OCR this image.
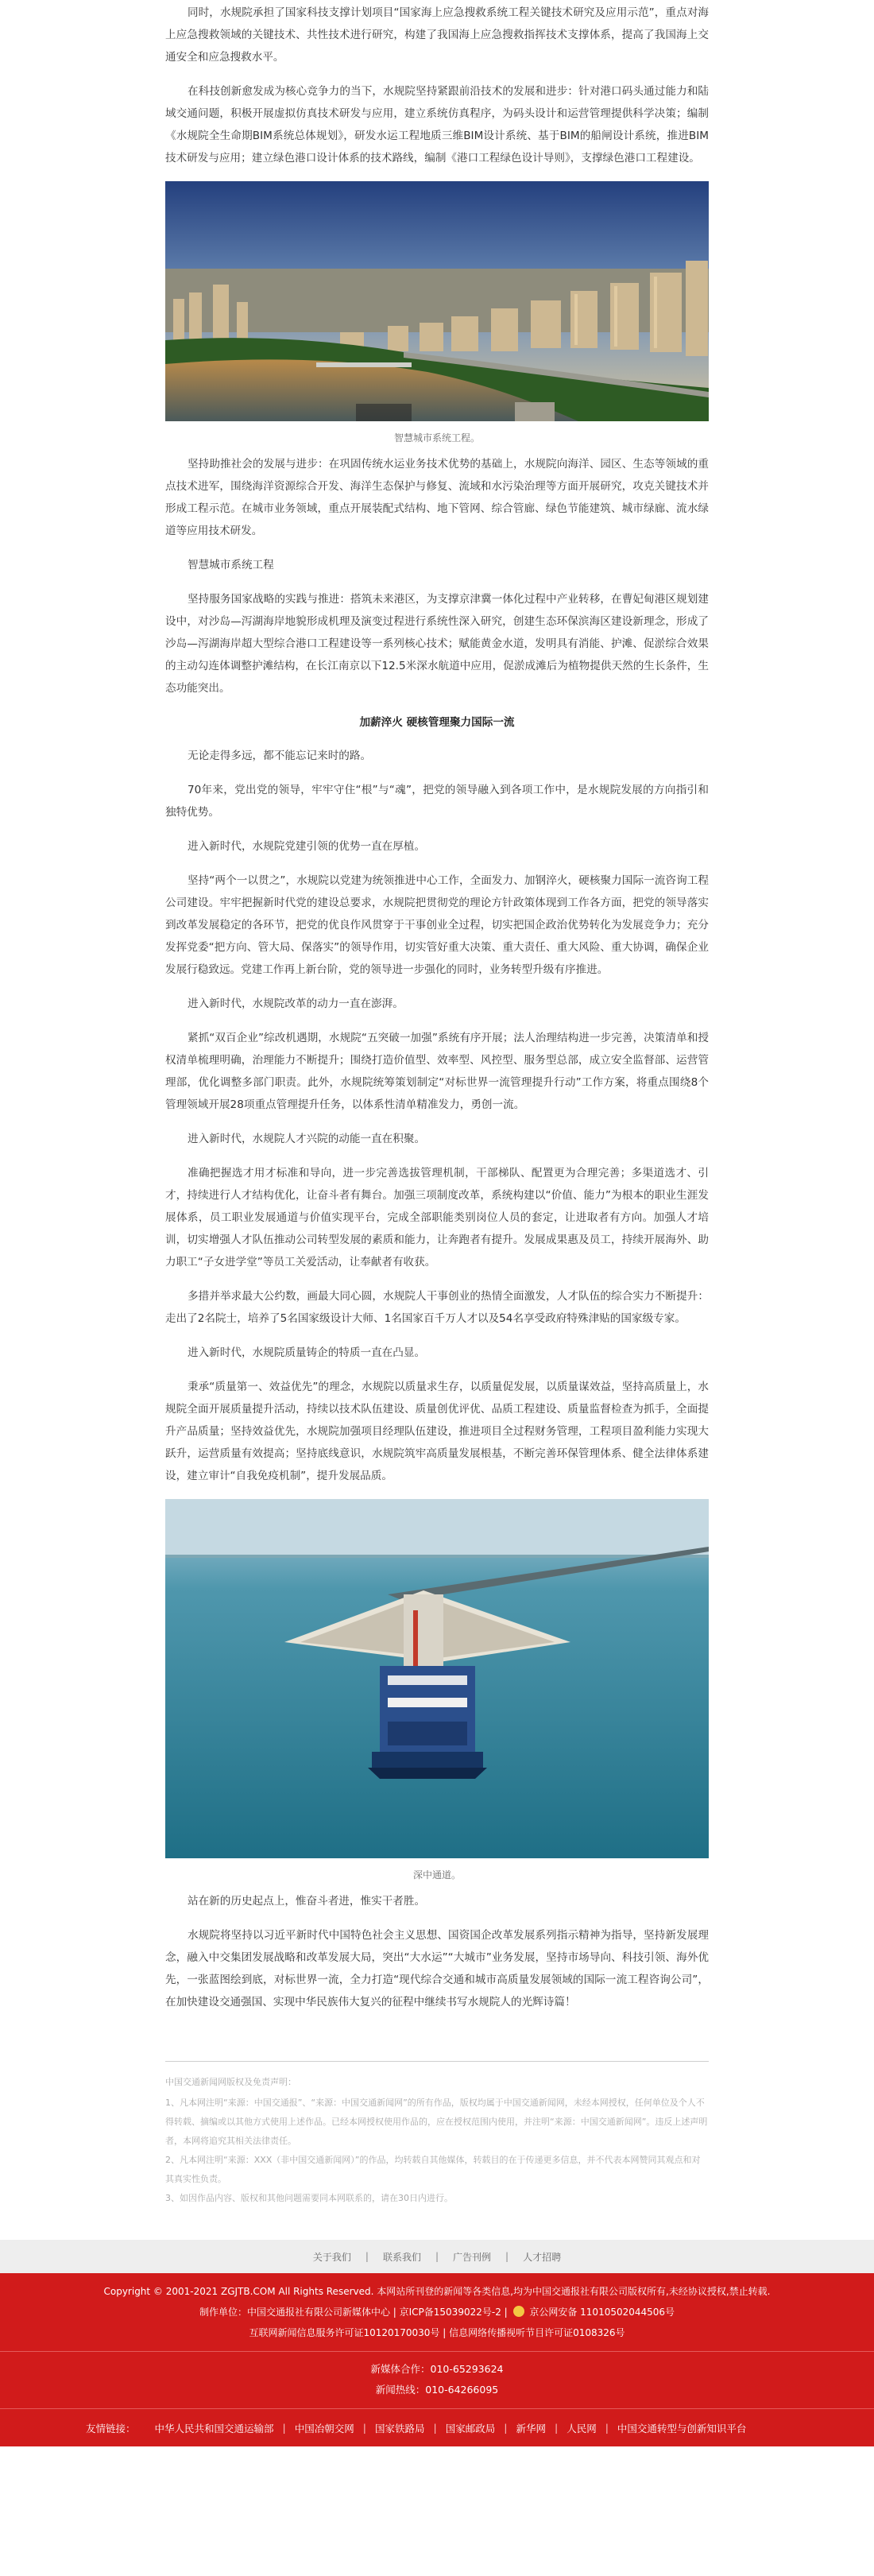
同时，水规院承担了国家科技支撑计划项目“国家海上应急搜救系统工程关键技术研究及应用示范”，重点对海上应急搜救领域的关键技术、共性技术进行研究，构建了我国海上应急搜救指挥技术支撑体系，提高了我国海上交通安全和应急搜救水平。

在科技创新愈发成为核心竞争力的当下，水规院坚持紧跟前沿技术的发展和进步：针对港口码头通过能力和陆域交通问题，积极开展虚拟仿真技术研发与应用，建立系统仿真程序，为码头设计和运营管理提供科学决策；编制《水规院全生命期BIM系统总体规划》，研发水运工程地质三维BIM设计系统、基于BIM的船闸设计系统，推进BIM技术研发与应用；建立绿色港口设计体系的技术路线，编制《港口工程绿色设计导则》，支撑绿色港口工程建设。

智慧城市系统工程。

坚持助推社会的发展与进步：在巩固传统水运业务技术优势的基础上，水规院向海洋、园区、生态等领域的重点技术进军，围绕海洋资源综合开发、海洋生态保护与修复、流域和水污染治理等方面开展研究，攻克关键技术并形成工程示范。在城市业务领域，重点开展装配式结构、地下管网、综合管廊、绿色节能建筑、城市绿廊、流水绿道等应用技术研发。

智慧城市系统工程

坚持服务国家战略的实践与推进：搭筑未来港区，为支撑京津冀一体化过程中产业转移，在曹妃甸港区规划建设中，对沙岛—泻湖海岸地貌形成机理及演变过程进行系统性深入研究，创建生态环保滨海区建设新理念，形成了沙岛—泻湖海岸超大型综合港口工程建设等一系列核心技术；赋能黄金水道，发明具有消能、护滩、促淤综合效果的主动勾连体调整护滩结构，在长江南京以下12.5米深水航道中应用，促淤成滩后为植物提供天然的生长条件，生态功能突出。

加薪淬火 硬核管理聚力国际一流

无论走得多远，都不能忘记来时的路。

70年来，党出党的领导，牢牢守住“根”与“魂”，把党的领导融入到各项工作中，是水规院发展的方向指引和独特优势。

进入新时代，水规院党建引领的优势一直在厚植。

坚持“两个一以贯之”，水规院以党建为统领推进中心工作，全面发力、加钢淬火，硬核聚力国际一流咨询工程公司建设。牢牢把握新时代党的建设总要求，水规院把贯彻党的理论方针政策体现到工作各方面，把党的领导落实到改革发展稳定的各环节，把党的优良作风贯穿于干事创业全过程，切实把国企政治优势转化为发展竞争力；充分发挥党委“把方向、管大局、保落实”的领导作用，切实管好重大决策、重大责任、重大风险、重大协调，确保企业发展行稳致远。党建工作再上新台阶，党的领导进一步强化的同时，业务转型升级有序推进。

进入新时代，水规院改革的动力一直在澎湃。

紧抓“双百企业”综改机遇期，水规院“五突破一加强”系统有序开展；法人治理结构进一步完善，决策清单和授权清单梳理明确，治理能力不断提升；围绕打造价值型、效率型、风控型、服务型总部，成立安全监督部、运营管理部，优化调整多部门职责。此外，水规院统筹策划制定“对标世界一流管理提升行动”工作方案，将重点围绕8个管理领域开展28项重点管理提升任务，以体系性清单精准发力，勇创一流。

进入新时代，水规院人才兴院的动能一直在积聚。

准确把握选才用才标准和导向，进一步完善选拔管理机制，干部梯队、配置更为合理完善；多渠道选才、引才，持续进行人才结构优化，让奋斗者有舞台。加强三项制度改革，系统构建以“价值、能力”为根本的职业生涯发展体系，员工职业发展通道与价值实现平台，完成全部职能类别岗位人员的套定，让进取者有方向。加强人才培训，切实增强人才队伍推动公司转型发展的素质和能力，让奔跑者有提升。发展成果惠及员工，持续开展海外、助力职工“子女进学堂”等员工关爱活动，让奉献者有收获。

多措并举求最大公约数，画最大同心圆，水规院人干事创业的热情全面激发，人才队伍的综合实力不断提升：走出了2名院士，培养了5名国家级设计大师、1名国家百千万人才以及54名享受政府特殊津贴的国家级专家。

进入新时代，水规院质量铸企的特质一直在凸显。

秉承“质量第一、效益优先”的理念，水规院以质量求生存，以质量促发展，以质量谋效益，坚持高质量上，水规院全面开展质量提升活动，持续以技术队伍建设、质量创优评优、品质工程建设、质量监督检查为抓手，全面提升产品质量；坚持效益优先，水规院加强项目经理队伍建设，推进项目全过程财务管理，工程项目盈利能力实现大跃升，运营质量有效提高；坚持底线意识，水规院筑牢高质量发展根基，不断完善环保管理体系、健全法律体系建设，建立审计“自我免疫机制”，提升发展品质。

深中通道。

站在新的历史起点上，惟奋斗者进，惟实干者胜。

水规院将坚持以习近平新时代中国特色社会主义思想、国资国企改革发展系列指示精神为指导，坚持新发展理念，融入中交集团发展战略和改革发展大局，突出“大水运”“大城市”业务发展，坚持市场导向、科技引领、海外优先，一张蓝图绘到底，对标世界一流，全力打造“现代综合交通和城市高质量发展领域的国际一流工程咨询公司”，在加快建设交通强国、实现中华民族伟大复兴的征程中继续书写水规院人的光辉诗篇！

中国交通新闻网版权及免责声明：

1、凡本网注明“来源：中国交通报”、“来源：中国交通新闻网”的所有作品，版权均属于中国交通新闻网，未经本网授权，任何单位及个人不得转载、摘编或以其他方式使用上述作品。已经本网授权使用作品的，应在授权范围内使用，并注明“来源：中国交通新闻网”。违反上述声明者，本网将追究其相关法律责任。

2、凡本网注明“来源：XXX（非中国交通新闻网）”的作品，均转载自其他媒体，转载目的在于传递更多信息，并不代表本网赞同其观点和对其真实性负责。

3、如因作品内容、版权和其他问题需要同本网联系的，请在30日内进行。

关于我们 | 联系我们 | 广告刊例 | 人才招聘
Copyright © 2001-2021 ZGJTB.COM All Rights Reserved. 本网站所刊登的新闻等各类信息,均为中国交通报社有限公司版权所有,未经协议授权,禁止转载.
制作单位：中国交通报社有限公司新媒体中心 | 京ICP备15039022号-2 | 京公网安备 11010502044506号
互联网新闻信息服务许可证10120170030号 | 信息网络传播视听节目许可证0108326号
新媒体合作：010-65293624
新闻热线：010-64266095
友情链接： 中华人民共和国交通运输部 | 中国冶朝交网 | 国家铁路局 | 国家邮政局 | 新华网 | 人民网 | 中国交通转型与创新知识平台
